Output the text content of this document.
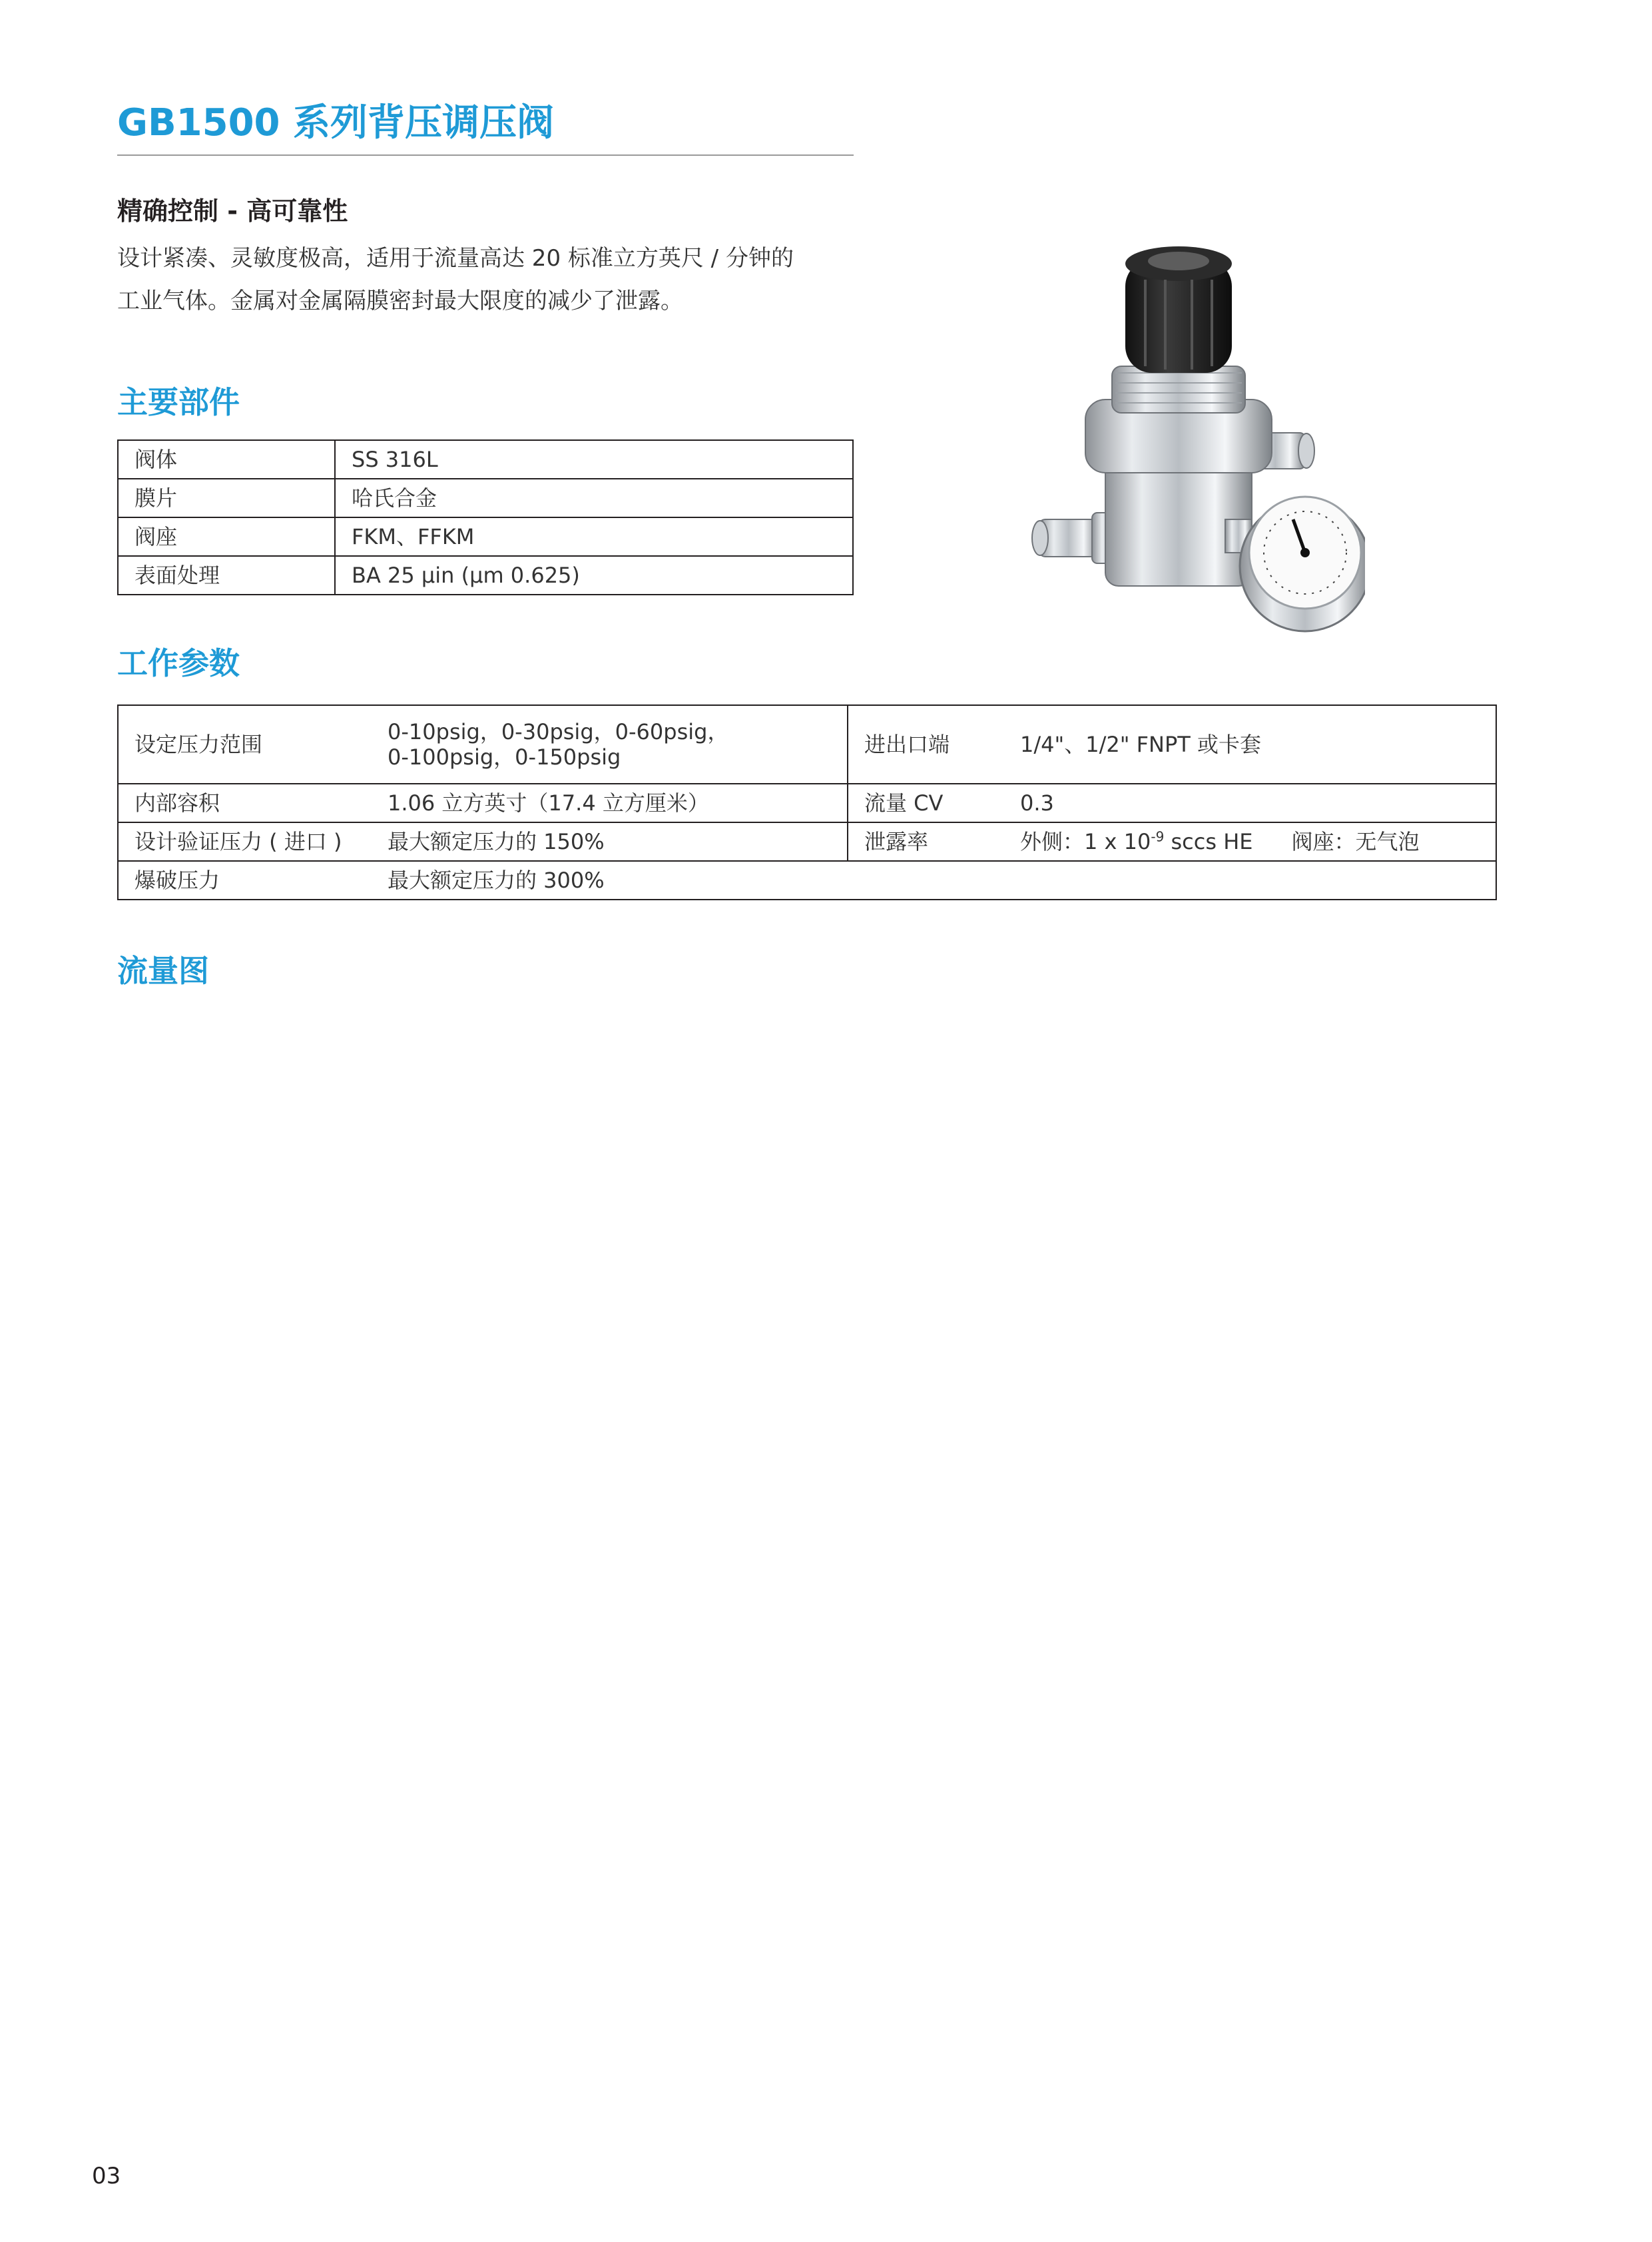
GB1500 系列背压调压阀
精确控制 - 高可靠性

设计紧凑、灵敏度极高，适用于流量高达 20 标准立方英尺 / 分钟的

工业气体。金属对金属隔膜密封最大限度的减少了泄露。

主要部件
阀体	SS 316L
膜片	哈氏合金
阀座	FKM、FFKM
表面处理	BA 25 μin (μm 0.625)
工作参数
设定压力范围	0-10psig，0-30psig，0-60psig，
0-100psig，0-150psig	进出口端	1/4"、1/2" FNPT 或卡套
内部容积	1.06 立方英寸（17.4 立方厘米）	流量 CV	0.3
设计验证压力 ( 进口 )	最大额定压力的 150%	泄露率	外侧：1 x $10^{-9}$ sccs HE 阀座：无气泡
爆破压力	最大额定压力的 300%		
流量图
03
